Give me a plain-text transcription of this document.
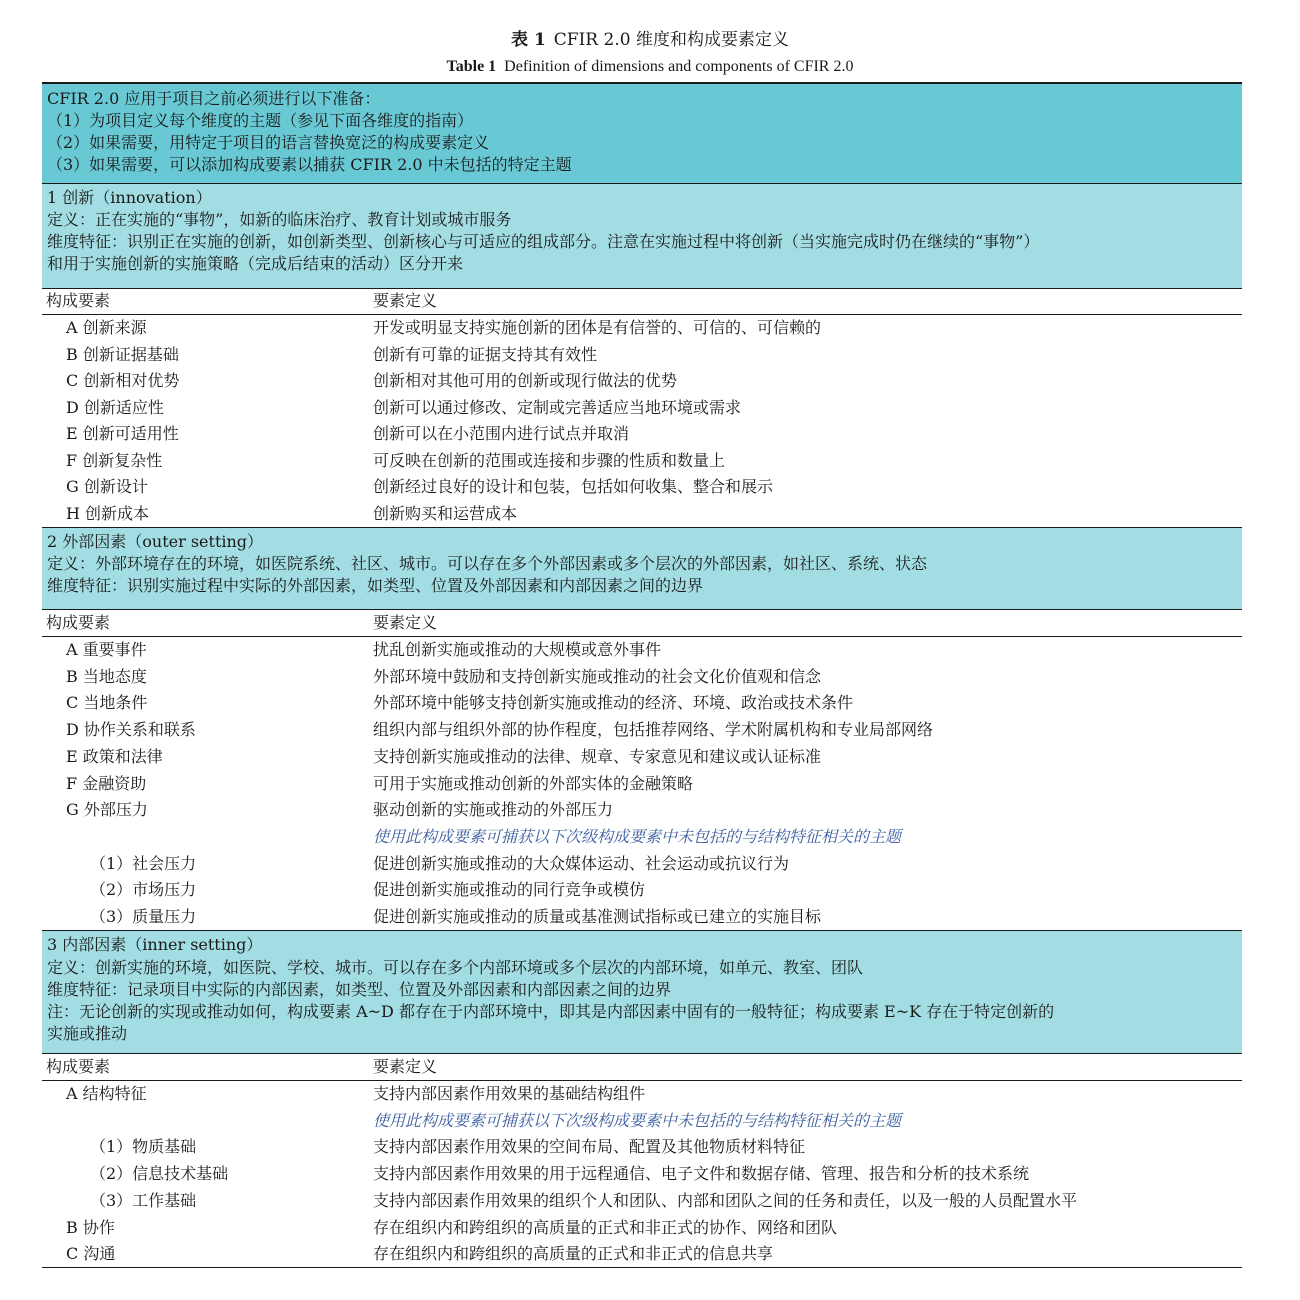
表 1 CFIR 2.0 维度和构成要素定义
Table 1 Definition of dimensions and components of CFIR 2.0
CFIR 2.0 应用于项目之前必须进行以下准备：
（1）为项目定义每个维度的主题（参见下面各维度的指南）
（2）如果需要，用特定于项目的语言替换宽泛的构成要素定义
（3）如果需要，可以添加构成要素以捕获 CFIR 2.0 中未包括的特定主题
1 创新（innovation）
定义：正在实施的“事物”，如新的临床治疗、教育计划或城市服务
维度特征：识别正在实施的创新，如创新类型、创新核心与可适应的组成部分。注意在实施过程中将创新（当实施完成时仍在继续的“事物”）
和用于实施创新的实施策略（完成后结束的活动）区分开来
构成要素	要素定义
A 创新来源	开发或明显支持实施创新的团体是有信誉的、可信的、可信赖的
B 创新证据基础	创新有可靠的证据支持其有效性
C 创新相对优势	创新相对其他可用的创新或现行做法的优势
D 创新适应性	创新可以通过修改、定制或完善适应当地环境或需求
E 创新可适用性	创新可以在小范围内进行试点并取消
F 创新复杂性	可反映在创新的范围或连接和步骤的性质和数量上
G 创新设计	创新经过良好的设计和包装，包括如何收集、整合和展示
H 创新成本	创新购买和运营成本
2 外部因素（outer setting）
定义：外部环境存在的环境，如医院系统、社区、城市。可以存在多个外部因素或多个层次的外部因素，如社区、系统、状态
维度特征：识别实施过程中实际的外部因素，如类型、位置及外部因素和内部因素之间的边界
构成要素	要素定义
A 重要事件	扰乱创新实施或推动的大规模或意外事件
B 当地态度	外部环境中鼓励和支持创新实施或推动的社会文化价值观和信念
C 当地条件	外部环境中能够支持创新实施或推动的经济、环境、政治或技术条件
D 协作关系和联系	组织内部与组织外部的协作程度，包括推荐网络、学术附属机构和专业局部网络
E 政策和法律	支持创新实施或推动的法律、规章、专家意见和建议或认证标准
F 金融资助	可用于实施或推动创新的外部实体的金融策略
G 外部压力	驱动创新的实施或推动的外部压力
使用此构成要素可捕获以下次级构成要素中未包括的与结构特征相关的主题
（1）社会压力	促进创新实施或推动的大众媒体运动、社会运动或抗议行为
（2）市场压力	促进创新实施或推动的同行竞争或模仿
（3）质量压力	促进创新实施或推动的质量或基准测试指标或已建立的实施目标
3 内部因素（inner setting）
定义：创新实施的环境，如医院、学校、城市。可以存在多个内部环境或多个层次的内部环境，如单元、教室、团队
维度特征：记录项目中实际的内部因素，如类型、位置及外部因素和内部因素之间的边界
注：无论创新的实现或推动如何，构成要素 A~D 都存在于内部环境中，即其是内部因素中固有的一般特征；构成要素 E~K 存在于特定创新的
实施或推动
构成要素	要素定义
A 结构特征	支持内部因素作用效果的基础结构组件
使用此构成要素可捕获以下次级构成要素中未包括的与结构特征相关的主题
（1）物质基础	支持内部因素作用效果的空间布局、配置及其他物质材料特征
（2）信息技术基础	支持内部因素作用效果的用于远程通信、电子文件和数据存储、管理、报告和分析的技术系统
（3）工作基础	支持内部因素作用效果的组织个人和团队、内部和团队之间的任务和责任，以及一般的人员配置水平
B 协作	存在组织内和跨组织的高质量的正式和非正式的协作、网络和团队
C 沟通	存在组织内和跨组织的高质量的正式和非正式的信息共享
